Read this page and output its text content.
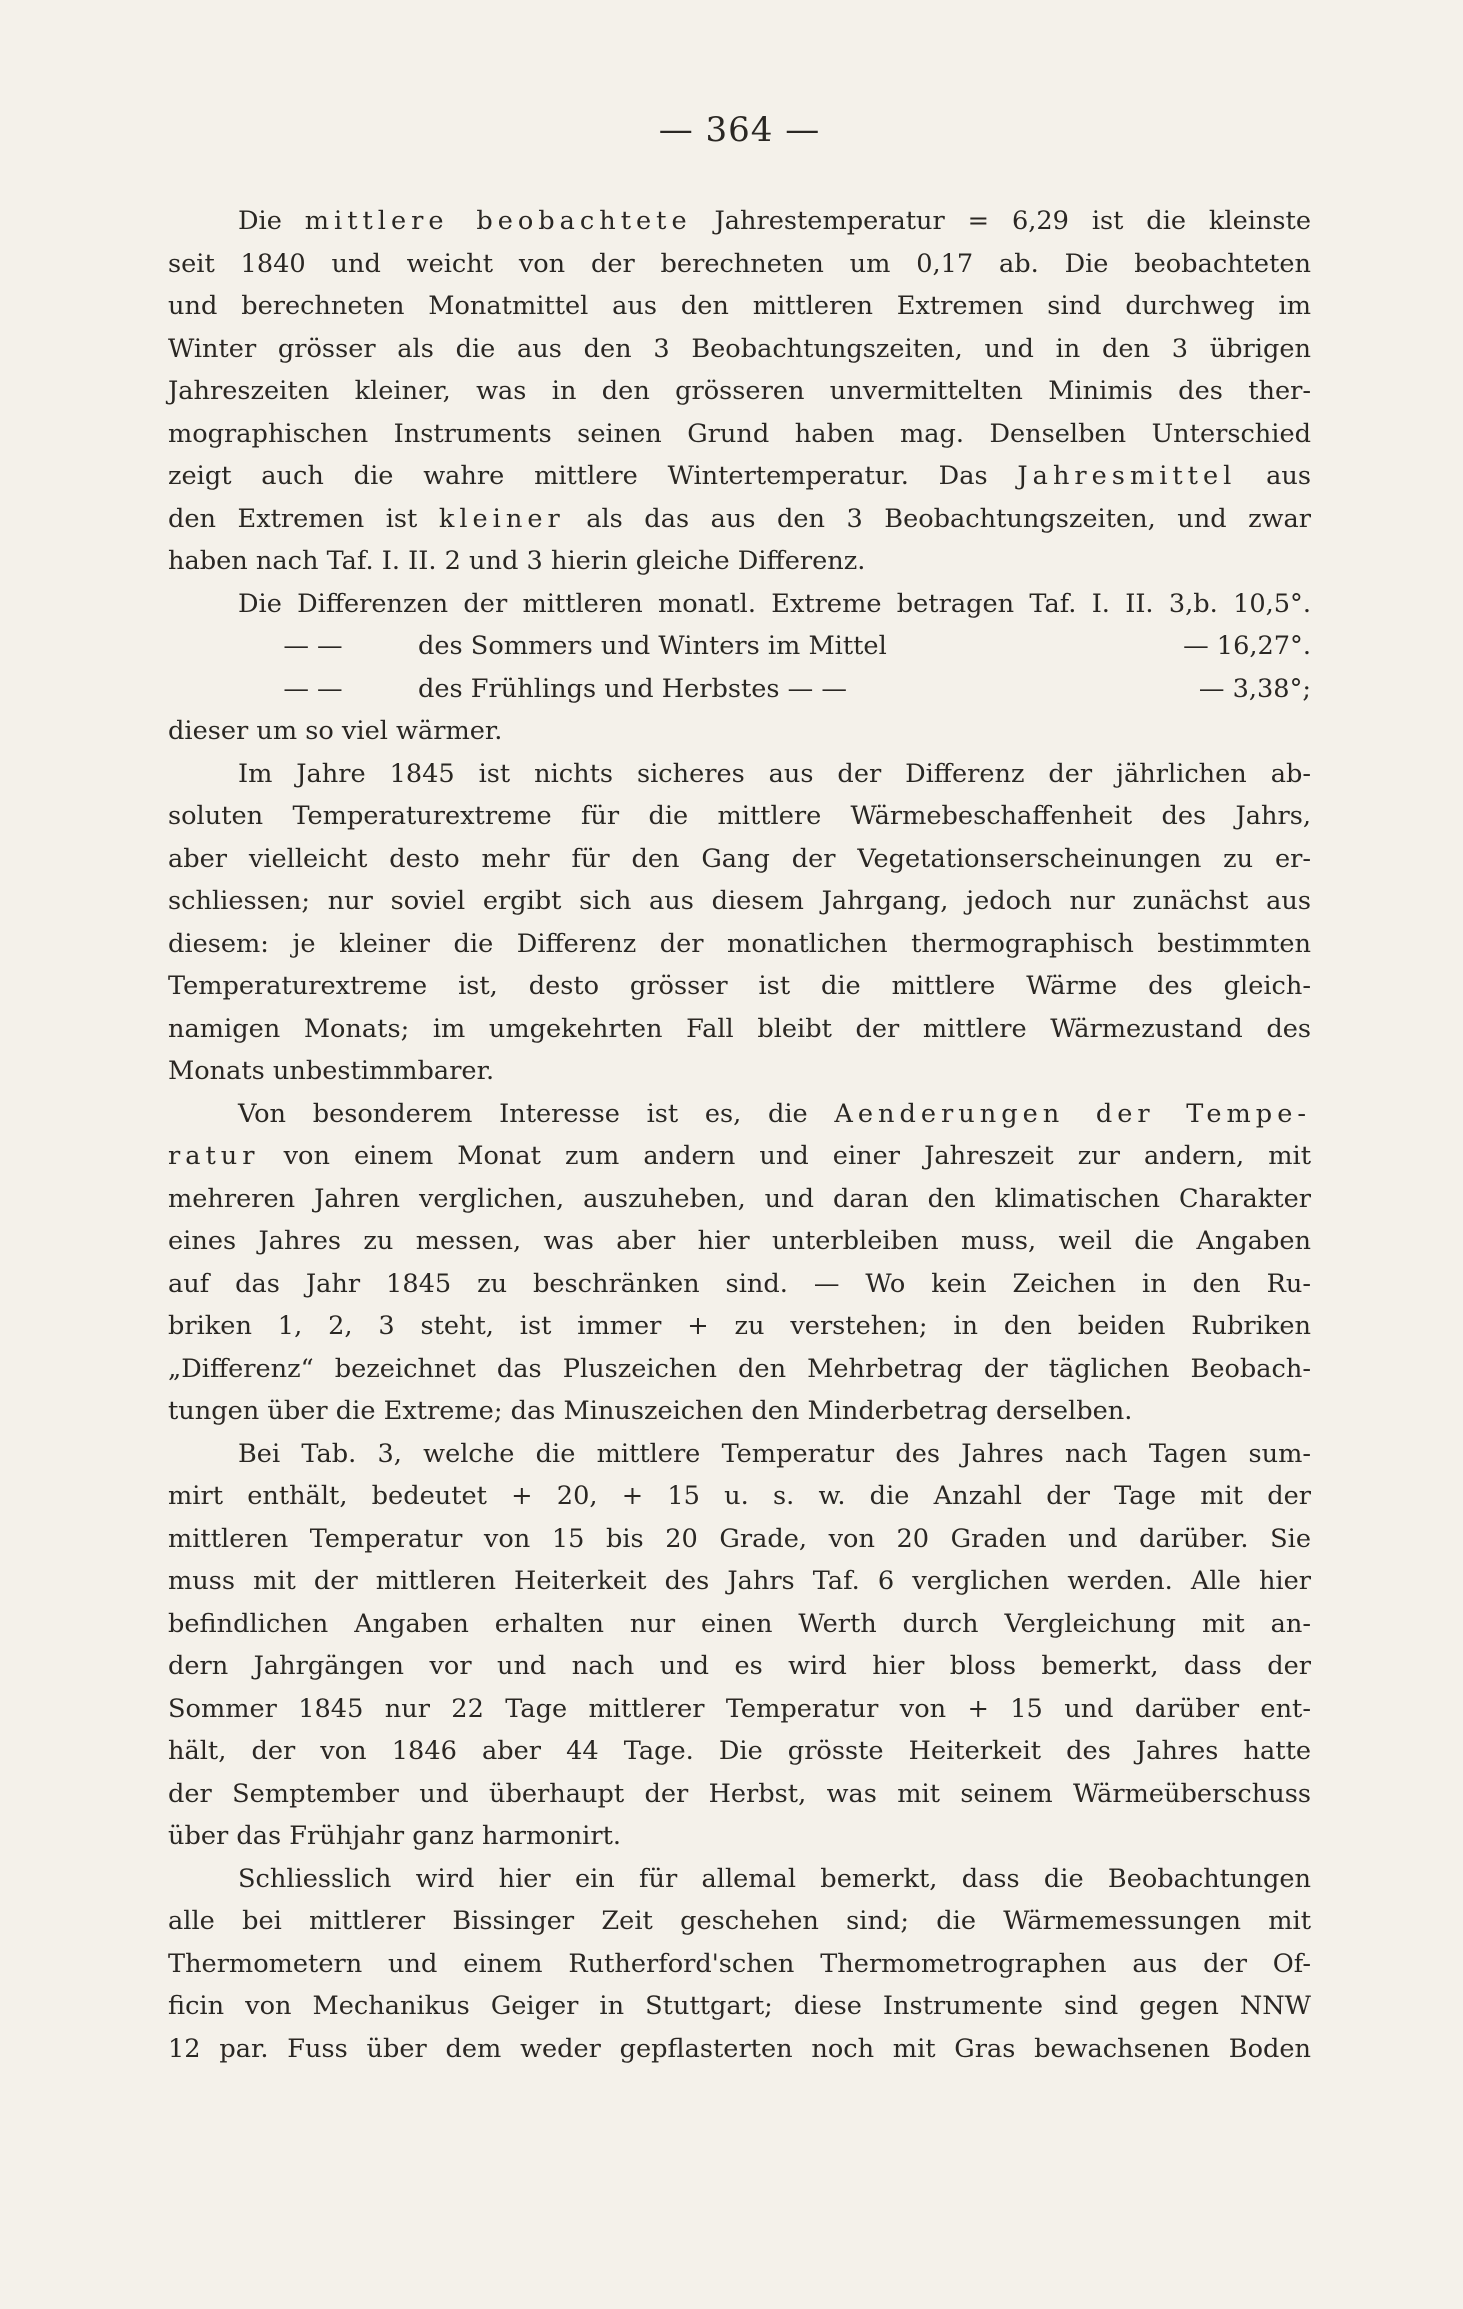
— 364 —
Die mittlere beobachtete Jahrestemperatur = 6,29 ist die kleinste
seit 1840 und weicht von der berechneten um 0,17 ab. Die beobachteten
und berechneten Monatmittel aus den mittleren Extremen sind durchweg im
Winter grösser als die aus den 3 Beobachtungszeiten, und in den 3 übrigen
Jahreszeiten kleiner, was in den grösseren unvermittelten Minimis des ther-
mographischen Instruments seinen Grund haben mag. Denselben Unterschied
zeigt auch die wahre mittlere Wintertemperatur. Das Jahresmittel aus
den Extremen ist kleiner als das aus den 3 Beobachtungszeiten, und zwar
haben nach Taf. I. II. 2 und 3 hierin gleiche Differenz.
Die Differenzen der mittleren monatl. Extreme betragen Taf. I. II. 3,b. 10,5°.
— —	des Sommers und Winters im Mittel	— 16,27°.
— —	des Frühlings und Herbstes — —	— 3,38°;
dieser um so viel wärmer.
Im Jahre 1845 ist nichts sicheres aus der Differenz der jährlichen ab-
soluten Temperaturextreme für die mittlere Wärmebeschaffenheit des Jahrs,
aber vielleicht desto mehr für den Gang der Vegetationserscheinungen zu er-
schliessen; nur soviel ergibt sich aus diesem Jahrgang, jedoch nur zunächst aus
diesem: je kleiner die Differenz der monatlichen thermographisch bestimmten
Temperaturextreme ist, desto grösser ist die mittlere Wärme des gleich-
namigen Monats; im umgekehrten Fall bleibt der mittlere Wärmezustand des
Monats unbestimmbarer.
Von besonderem Interesse ist es, die Aenderungen der Tempe-
ratur von einem Monat zum andern und einer Jahreszeit zur andern, mit
mehreren Jahren verglichen, auszuheben, und daran den klimatischen Charakter
eines Jahres zu messen, was aber hier unterbleiben muss, weil die Angaben
auf das Jahr 1845 zu beschränken sind. — Wo kein Zeichen in den Ru-
briken 1, 2, 3 steht, ist immer + zu verstehen; in den beiden Rubriken
„Differenz“ bezeichnet das Pluszeichen den Mehrbetrag der täglichen Beobach-
tungen über die Extreme; das Minuszeichen den Minderbetrag derselben.
Bei Tab. 3, welche die mittlere Temperatur des Jahres nach Tagen sum-
mirt enthält, bedeutet + 20, + 15 u. s. w. die Anzahl der Tage mit der
mittleren Temperatur von 15 bis 20 Grade, von 20 Graden und darüber. Sie
muss mit der mittleren Heiterkeit des Jahrs Taf. 6 verglichen werden. Alle hier
befindlichen Angaben erhalten nur einen Werth durch Vergleichung mit an-
dern Jahrgängen vor und nach und es wird hier bloss bemerkt, dass der
Sommer 1845 nur 22 Tage mittlerer Temperatur von + 15 und darüber ent-
hält, der von 1846 aber 44 Tage. Die grösste Heiterkeit des Jahres hatte
der Semptember und überhaupt der Herbst, was mit seinem Wärmeüberschuss
über das Frühjahr ganz harmonirt.
Schliesslich wird hier ein für allemal bemerkt, dass die Beobachtungen
alle bei mittlerer Bissinger Zeit geschehen sind; die Wärmemessungen mit
Thermometern und einem Rutherford'schen Thermometrographen aus der Of-
ficin von Mechanikus Geiger in Stuttgart; diese Instrumente sind gegen NNW
12 par. Fuss über dem weder gepflasterten noch mit Gras bewachsenen Boden
